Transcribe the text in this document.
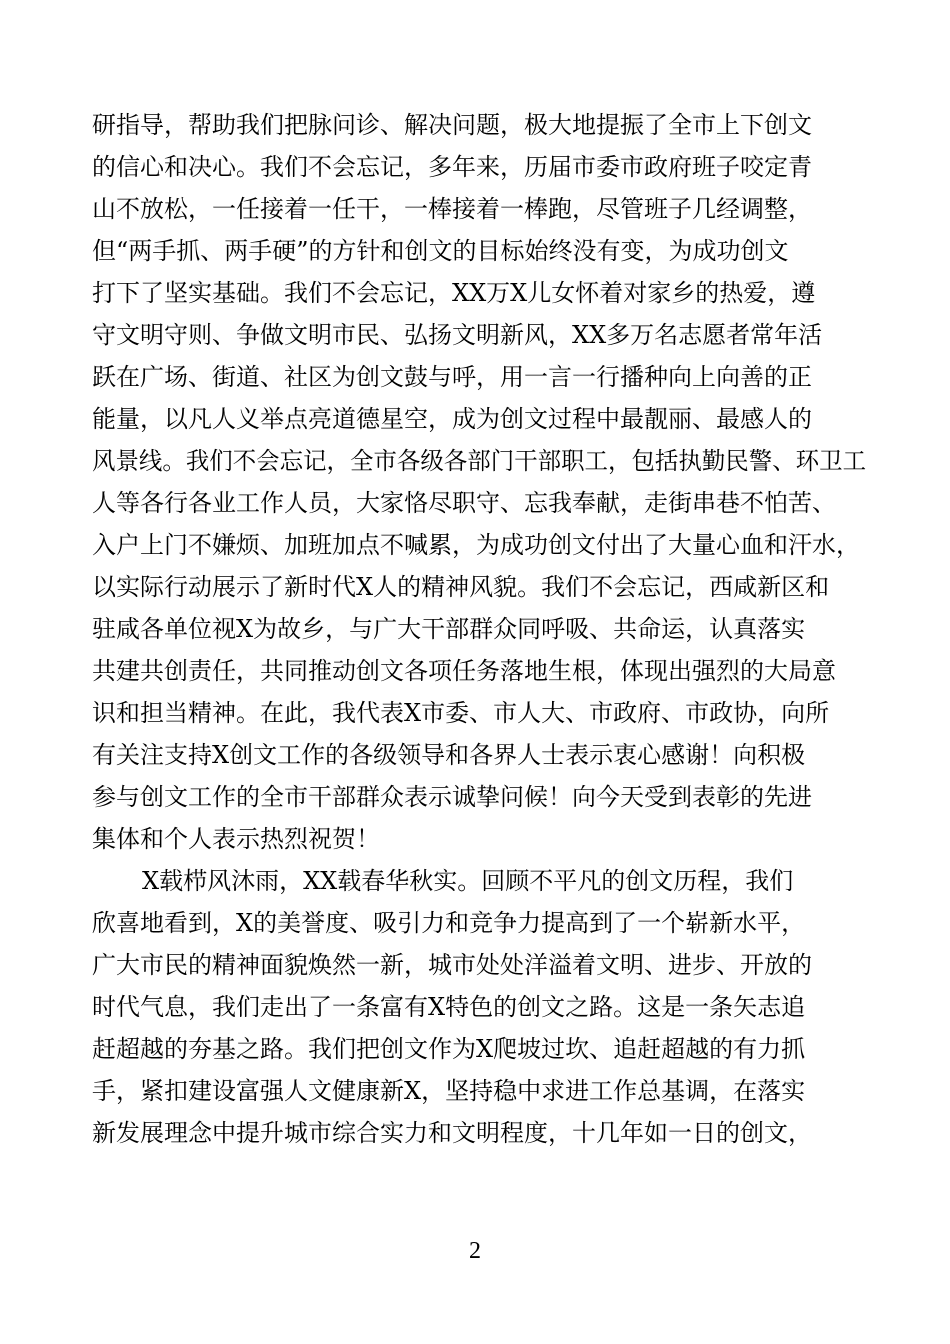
研指导，帮助我们把脉问诊、解决问题，极大地提振了全市上下创文
的信心和决心。我们不会忘记，多年来，历届市委市政府班子咬定青
山不放松，一任接着一任干，一棒接着一棒跑，尽管班子几经调整，
但“两手抓、两手硬”的方针和创文的目标始终没有变，为成功创文
打下了坚实基础。我们不会忘记，XX万X儿女怀着对家乡的热爱，遵
守文明守则、争做文明市民、弘扬文明新风，XX多万名志愿者常年活
跃在广场、街道、社区为创文鼓与呼，用一言一行播种向上向善的正
能量，以凡人义举点亮道德星空，成为创文过程中最靓丽、最感人的
风景线。我们不会忘记，全市各级各部门干部职工，包括执勤民警、环卫工
人等各行各业工作人员，大家恪尽职守、忘我奉献，走街串巷不怕苦、
入户上门不嫌烦、加班加点不喊累，为成功创文付出了大量心血和汗水，
以实际行动展示了新时代X人的精神风貌。我们不会忘记，西咸新区和
驻咸各单位视X为故乡，与广大干部群众同呼吸、共命运，认真落实
共建共创责任，共同推动创文各项任务落地生根，体现出强烈的大局意
识和担当精神。在此，我代表X市委、市人大、市政府、市政协，向所
有关注支持X创文工作的各级领导和各界人士表示衷心感谢！向积极
参与创文工作的全市干部群众表示诚挚问候！向今天受到表彰的先进
集体和个人表示热烈祝贺！
X载栉风沐雨，XX载春华秋实。回顾不平凡的创文历程，我们
欣喜地看到，X的美誉度、吸引力和竞争力提高到了一个崭新水平，
广大市民的精神面貌焕然一新，城市处处洋溢着文明、进步、开放的
时代气息，我们走出了一条富有X特色的创文之路。这是一条矢志追
赶超越的夯基之路。我们把创文作为X爬坡过坎、追赶超越的有力抓
手，紧扣建设富强人文健康新X，坚持稳中求进工作总基调，在落实
新发展理念中提升城市综合实力和文明程度，十几年如一日的创文，
2
